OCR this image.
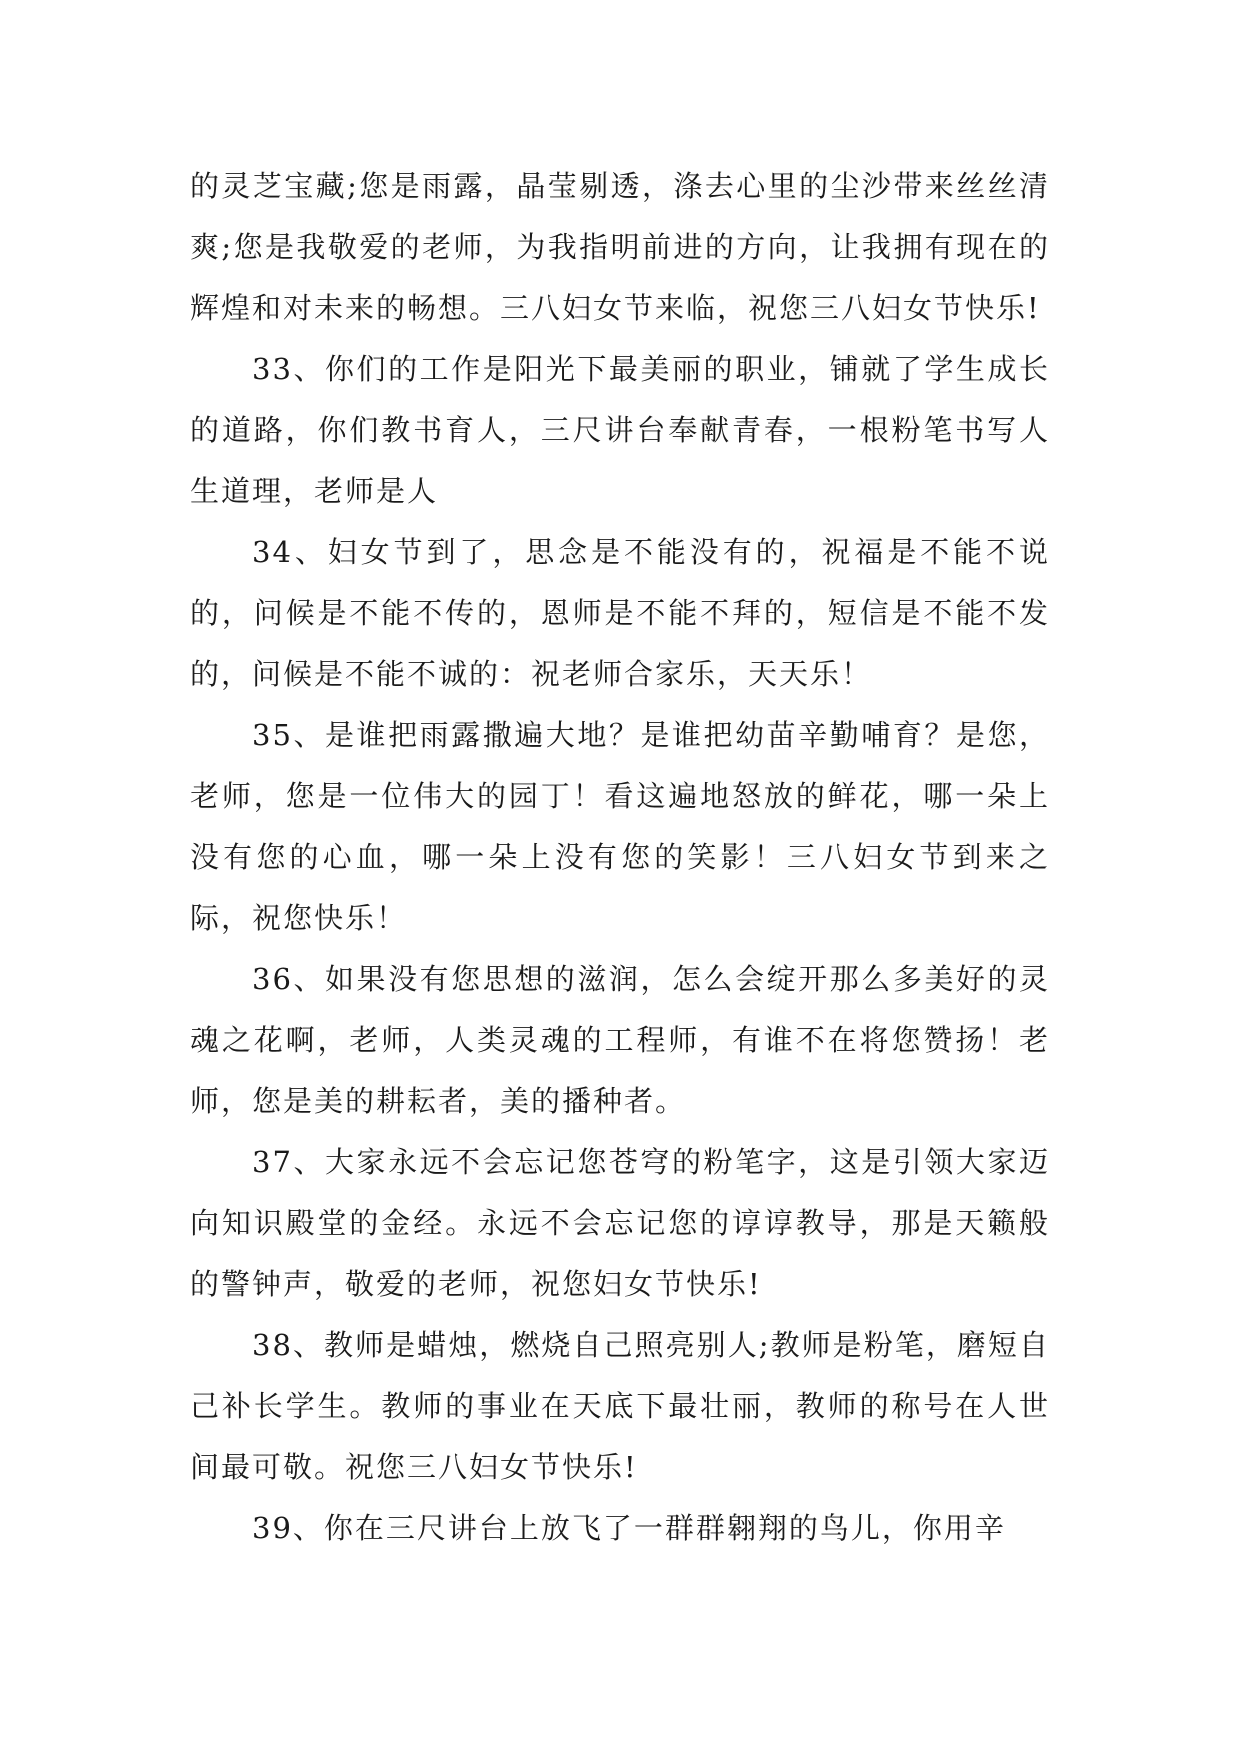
的灵芝宝藏;您是雨露，晶莹剔透，涤去心里的尘沙带来丝丝清爽;您是我敬爱的老师，为我指明前进的方向，让我拥有现在的辉煌和对未来的畅想。三八妇女节来临，祝您三八妇女节快乐!

33、你们的工作是阳光下最美丽的职业，铺就了学生成长的道路，你们教书育人，三尺讲台奉献青春，一根粉笔书写人生道理，老师是人

34、妇女节到了，思念是不能没有的，祝福是不能不说的，问候是不能不传的，恩师是不能不拜的，短信是不能不发的，问候是不能不诚的：祝老师合家乐，天天乐！

35、是谁把雨露撒遍大地？是谁把幼苗辛勤哺育？是您，老师，您是一位伟大的园丁！看这遍地怒放的鲜花，哪一朵上没有您的心血，哪一朵上没有您的笑影！三八妇女节到来之际，祝您快乐！

36、如果没有您思想的滋润，怎么会绽开那么多美好的灵魂之花啊，老师，人类灵魂的工程师，有谁不在将您赞扬！老师，您是美的耕耘者，美的播种者。

37、大家永远不会忘记您苍穹的粉笔字，这是引领大家迈向知识殿堂的金经。永远不会忘记您的谆谆教导，那是天籁般的警钟声，敬爱的老师，祝您妇女节快乐!

38、教师是蜡烛，燃烧自己照亮别人;教师是粉笔，磨短自己补长学生。教师的事业在天底下最壮丽，教师的称号在人世间最可敬。祝您三八妇女节快乐!

39、你在三尺讲台上放飞了一群群翱翔的鸟儿，你用辛
